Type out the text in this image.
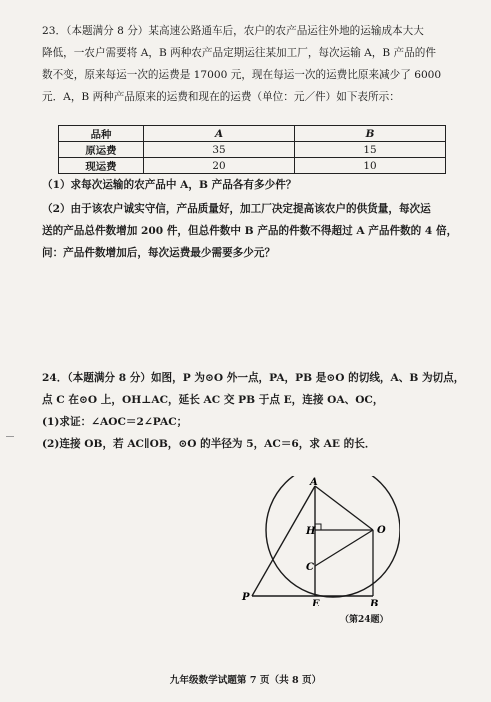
23．（本题满分 8 分）某高速公路通车后，农户的农产品运往外地的运输成本大大
降低，一农户需要将 A，B 两种农产品定期运往某加工厂，每次运输 A，B 产品的件
数不变，原来每运一次的运费是 17000 元，现在每运一次的运费比原来减少了 6000
元．A，B 两种产品原来的运费和现在的运费（单位：元／件）如下表所示：
品种	A	B
原运费	35	15
现运费	20	10
（1）求每次运输的农产品中 A，B 产品各有多少件？
（2）由于该农户诚实守信，产品质量好，加工厂决定提高该农户的供货量，每次运
送的产品总件数增加 200 件，但总件数中 B 产品的件数不得超过 A 产品件数的 4 倍，
问：产品件数增加后，每次运费最少需要多少元？
24．（本题满分 8 分）如图，P 为⊙O 外一点，PA，PB 是⊙O 的切线，A、B 为切点，
点 C 在⊙O 上，OH⊥AC，延长 AC 交 PB 于点 E，连接 OA、OC，
(1)求证：∠AOC＝2∠PAC；
(2)连接 OB，若 AC∥OB，⊙O 的半径为 5，AC＝6，求 AE 的长．
A
O
H
C
P
E	B
（第24题）
九年级数学试题第 7 页（共 8 页）
